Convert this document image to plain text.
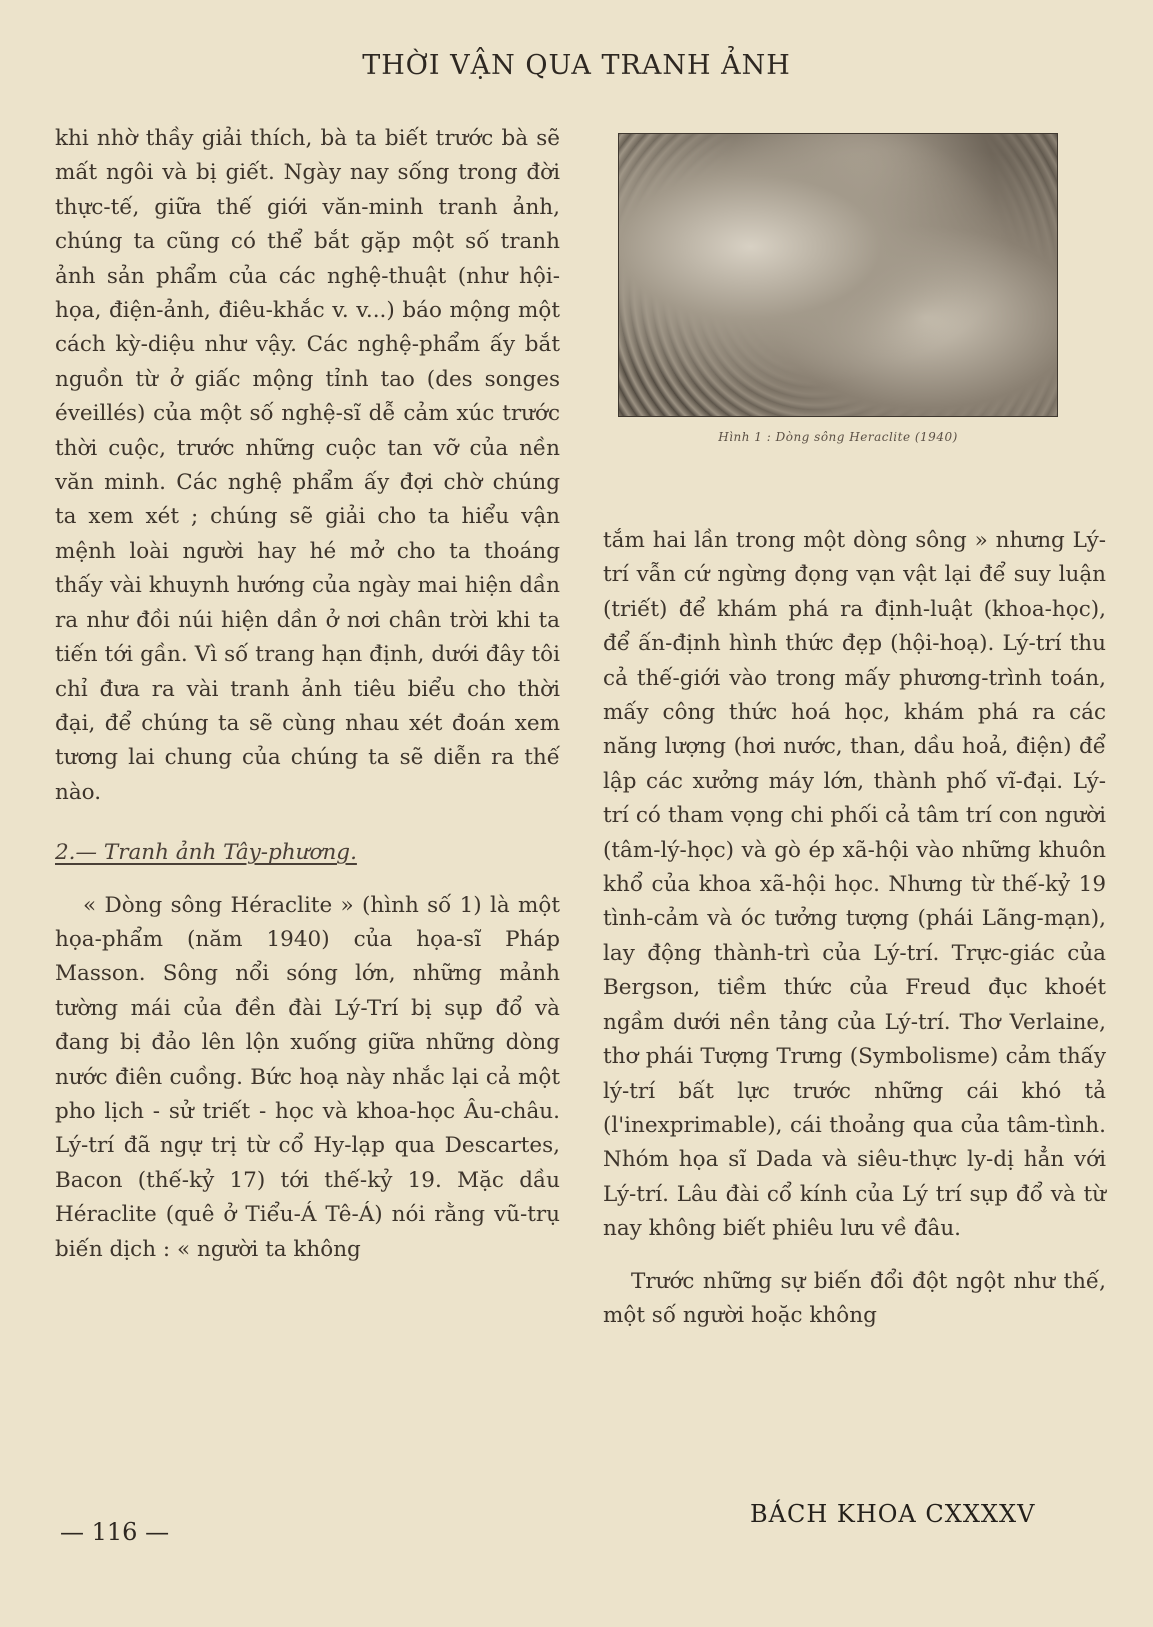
THỜI VẬN QUA TRANH ẢNH

khi nhờ thầy giải thích, bà ta biết trước bà sẽ mất ngôi và bị giết. Ngày nay sống trong đời thực-tế, giữa thế giới văn-minh tranh ảnh, chúng ta cũng có thể bắt gặp một số tranh ảnh sản phẩm của các nghệ-thuật (như hội-họa, điện-ảnh, điêu-khắc v. v...) báo mộng một cách kỳ-diệu như vậy. Các nghệ-phẩm ấy bắt nguồn từ ở giấc mộng tỉnh tao (des songes éveillés) của một số nghệ-sĩ dễ cảm xúc trước thời cuộc, trước những cuộc tan vỡ của nền văn minh. Các nghệ phẩm ấy đợi chờ chúng ta xem xét ; chúng sẽ giải cho ta hiểu vận mệnh loài người hay hé mở cho ta thoáng thấy vài khuynh hướng của ngày mai hiện dần ra như đồi núi hiện dần ở nơi chân trời khi ta tiến tới gần. Vì số trang hạn định, dưới đây tôi chỉ đưa ra vài tranh ảnh tiêu biểu cho thời đại, để chúng ta sẽ cùng nhau xét đoán xem tương lai chung của chúng ta sẽ diễn ra thế nào.

2.— Tranh ảnh Tây-phương.

« Dòng sông Héraclite » (hình số 1) là một họa-phẩm (năm 1940) của họa-sĩ Pháp Masson. Sông nổi sóng lớn, những mảnh tường mái của đền đài Lý-Trí bị sụp đổ và đang bị đảo lên lộn xuống giữa những dòng nước điên cuồng. Bức hoạ này nhắc lại cả một pho lịch - sử triết - học và khoa-học Âu-châu. Lý-trí đã ngự trị từ cổ Hy-lạp qua Descartes, Bacon (thế-kỷ 17) tới thế-kỷ 19. Mặc dầu Héraclite (quê ở Tiểu-Á Tê-Á) nói rằng vũ-trụ biến dịch : « người ta không

Hình 1 : Dòng sông Heraclite (1940)

tắm hai lần trong một dòng sông » nhưng Lý-trí vẫn cứ ngừng đọng vạn vật lại để suy luận (triết) để khám phá ra định-luật (khoa-học), để ấn-định hình thức đẹp (hội-hoạ). Lý-trí thu cả thế-giới vào trong mấy phương-trình toán, mấy công thức hoá học, khám phá ra các năng lượng (hơi nước, than, dầu hoả, điện) để lập các xưởng máy lớn, thành phố vĩ-đại. Lý-trí có tham vọng chi phối cả tâm trí con người (tâm-lý-học) và gò ép xã-hội vào những khuôn khổ của khoa xã-hội học. Nhưng từ thế-kỷ 19 tình-cảm và óc tưởng tượng (phái Lãng-mạn), lay động thành-trì của Lý-trí. Trực-giác của Bergson, tiềm thức của Freud đục khoét ngầm dưới nền tảng của Lý-trí. Thơ Verlaine, thơ phái Tượng Trưng (Symbolisme) cảm thấy lý-trí bất lực trước những cái khó tả (l'inexprimable), cái thoảng qua của tâm-tình. Nhóm họa sĩ Dada và siêu-thực ly-dị hẳn với Lý-trí. Lâu đài cổ kính của Lý trí sụp đổ và từ nay không biết phiêu lưu về đâu.

Trước những sự biến đổi đột ngột như thế, một số người hoặc không

— 116 —
BÁCH KHOA CXXXXV
